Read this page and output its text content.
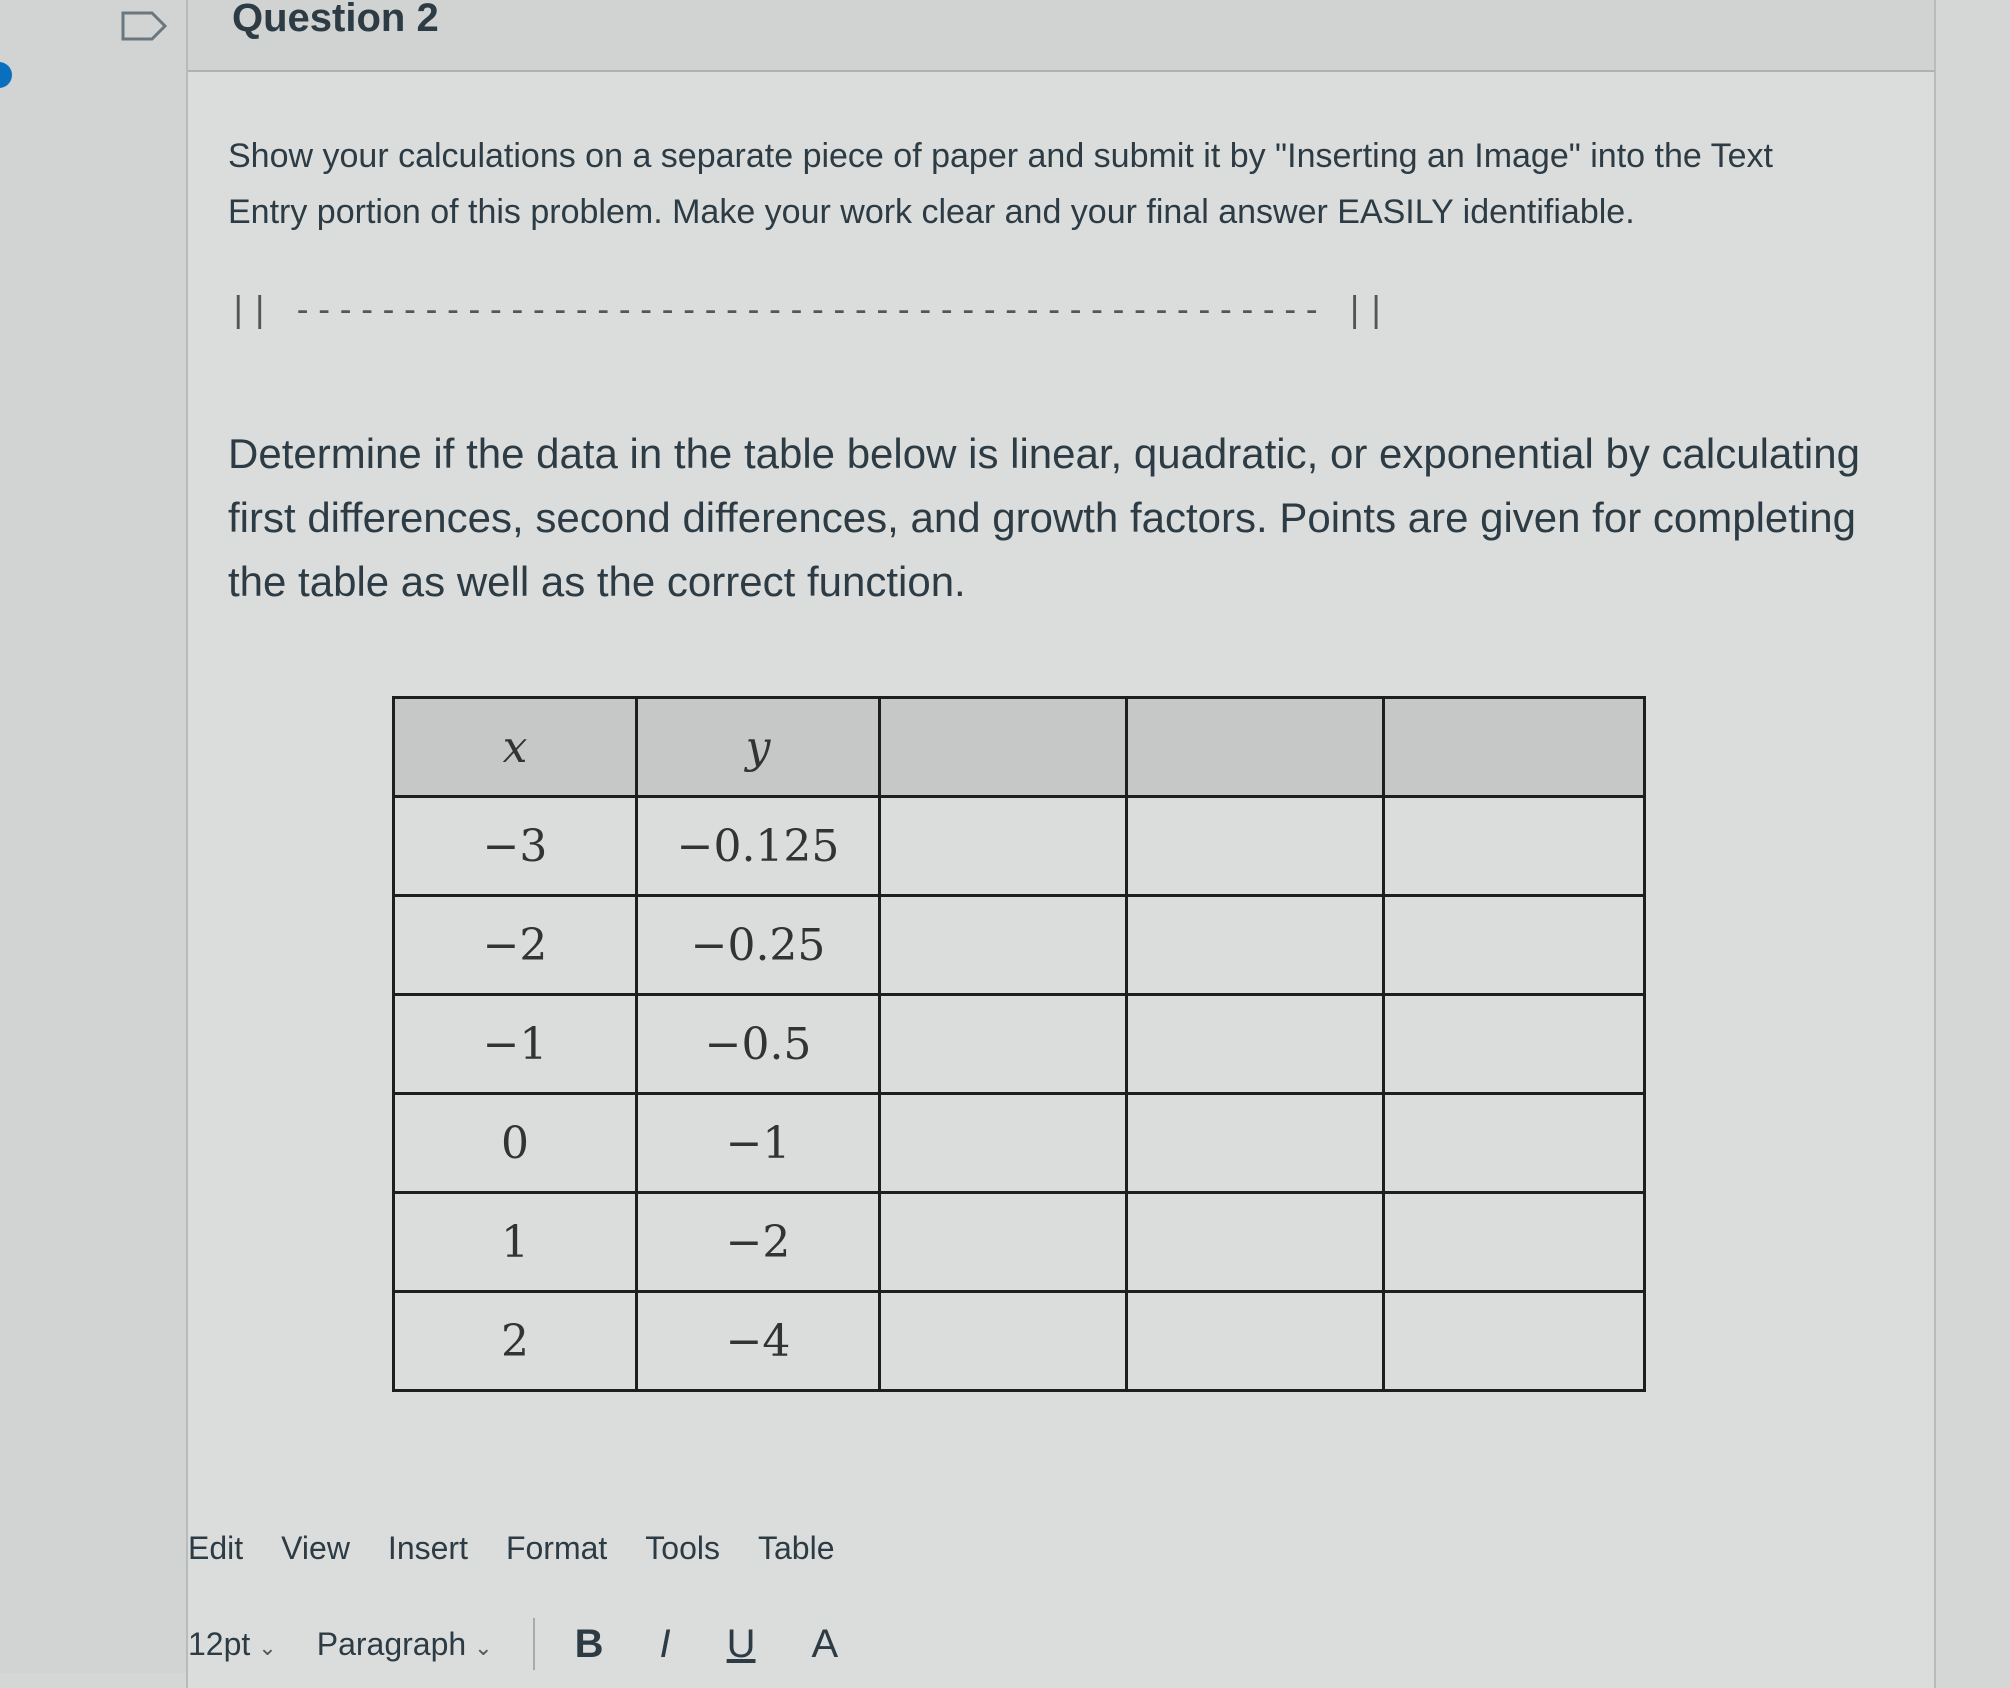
Question 2

Show your calculations on a separate piece of paper and submit it by "Inserting an Image" into the Text Entry portion of this problem. Make your work clear and your final answer EASILY identifiable.

|| ------------------------------------------------ ||
Determine if the data in the table below is linear, quadratic, or exponential by calculating first differences, second differences, and growth factors. Points are given for completing the table as well as the correct function.
x	y			
−3	−0.125			
−2	−0.25			
−1	−0.5			
0	−1			
1	−2			
2	−4			
Edit View Insert Format Tools Table
12pt ⌄ Paragraph ⌄ B I U A
